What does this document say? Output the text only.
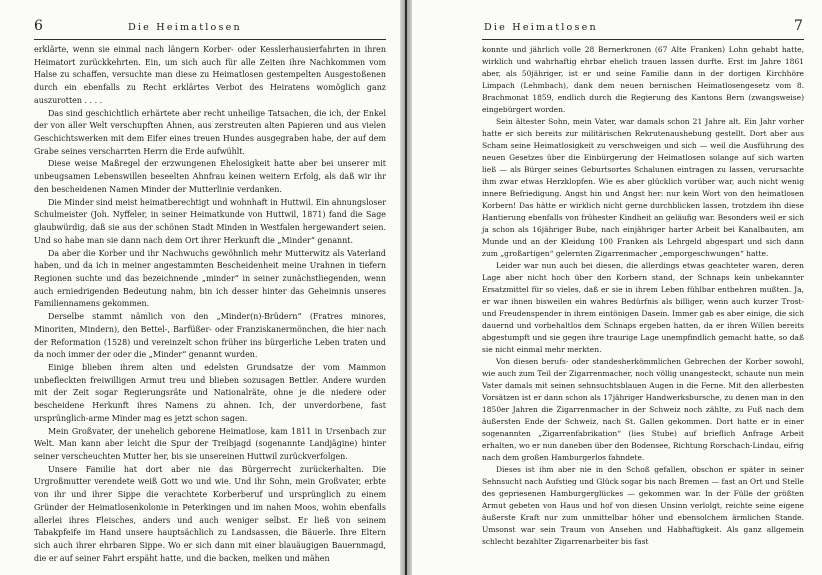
6	Die Heimatlosen

erklärte, wenn sie einmal nach längern Korber- oder Kesslerhausierfahrten in ihren Heimatort zurückkehrten. Ein, um sich auch für alle Zeiten ihre Nachkommen vom Halse zu schaffen, versuchte man diese zu Heimatlosen gestempelten Ausgestoßenen durch ein ebenfalls zu Recht erklärtes Verbot des Heiratens womöglich ganz auszurotten . . . .

Das sind geschichtlich erhärtete aber recht unheilige Tatsachen, die ich, der Enkel der von aller Welt verschupften Ahnen, aus zerstreuten alten Papieren und aus vielen Geschichtswerken mit dem Eifer eines treuen Hundes ausgegraben habe, der auf dem Grabe seines verscharrten Herrn die Erde aufwühlt.

Diese weise Maßregel der erzwungenen Ehelosigkeit hatte aber bei unserer mit unbeugsamen Lebenswillen beseelten Ahnfrau keinen weitern Erfolg, als daß wir ihr den bescheidenen Namen Minder der Mutterlinie verdanken.

Die Minder sind meist heimatberechtigt und wohnhaft in Huttwil. Ein ahnungsloser Schulmeister (Joh. Nyffeler, in seiner Heimatkunde von Huttwil, 1871) fand die Sage glaubwürdig, daß sie aus der schönen Stadt Minden in Westfalen hergewandert seien. Und so habe man sie dann nach dem Ort ihrer Herkunft die „Minder“ genannt.

Da aber die Korber und ihr Nachwuchs gewöhnlich mehr Mutterwitz als Vaterland haben, und da ich in meiner angestammten Bescheidenheit meine Urahnen in tiefern Regionen suchte und das bezeichnende „minder“ in seiner zunächstliegenden, wenn auch erniedrigenden Bedeutung nahm, bin ich desser hinter das Geheimnis unseres Familiennamens gekommen.

Derselbe stammt nämlich von den „Minder(n)-Brüdern“ (Fratres minores, Minoriten, Mindern), den Bettel-, Barfüßer- oder Franziskanermönchen, die hier nach der Reformation (1528) und vereinzelt schon früher ins bürgerliche Leben traten und da noch immer der oder die „Minder“ genannt wurden.

Einige blieben ihrem alten und edelsten Grundsatze der vom Mammon unbefleckten freiwilligen Armut treu und blieben sozusagen Bettler. Andere wurden mit der Zeit sogar Regierungsräte und Nationalräte, ohne je die niedere oder bescheidene Herkunft ihres Namens zu ahnen. Ich, der unverdorbene, fast ursprünglich-arme Minder mag es jetzt schon sagen.

Mein Großvater, der unehelich geborene Heimatlose, kam 1811 in Ursenbach zur Welt. Man kann aber leicht die Spur der Treibjagd (sogenannte Landjägine) hinter seiner verscheuchten Mutter her, bis sie unsereinen Huttwil zurückverfolgen.

Unsere Familie hat dort aber nie das Bürgerrecht zurückerhalten. Die Urgroßmutter verendete weiß Gott wo und wie. Und ihr Sohn, mein Großvater, erbte von ihr und ihrer Sippe die verachtete Korberberuf und ursprünglich zu einem Gründer der Heimatlosenkolonie in Peterkingen und im nahen Moos, wohin ebenfalls allerlei ihres Fleisches, anders und auch weniger selbst. Er ließ von seinem Tabakpfeife im Hand unsere hauptsächlich zu Landsassen, die Bäuerle. Ihre Eltern sich auch ihrer ehrbaren Sippe. Wo er sich dann mit einer blauäugigen Bauernmagd, die er auf seiner Fahrt erspäht hatte, und die backen, melken und mähen

Die Heimatlosen	7

konnte und jährlich volle 28 Bernerkronen (67 Alte Franken) Lohn gehabt hatte, wirklich und wahrhaftig ehrbar ehelich trauen lassen durfte. Erst im Jahre 1861 aber, als 50jähriger, ist er und seine Familie dann in der dortigen Kirchhöre Limpach (Lehmbach), dank dem neuen bernischen Heimatlosengesetz vom 8. Brachmonat 1859, endlich durch die Regierung des Kantons Bern (zwangsweise) eingebürgert worden.

Sein ältester Sohn, mein Vater, war damals schon 21 Jahre alt. Ein Jahr vorher hatte er sich bereits zur militärischen Rekrutenaushebung gestellt. Dort aber aus Scham seine Heimatlosigkeit zu verschweigen und sich — weil die Ausführung des neuen Gesetzes über die Einbürgerung der Heimatlosen solange auf sich warten ließ — als Bürger seines Geburtsortes Schalunen eintragen zu lassen, verursachte ihm zwar etwas Herzklopfen. Wie es aber glücklich vorüber war, auch nicht wenig innere Befriedigung. Angst hin und Angst her: nur kein Wort von den heimatlosen Korbern! Das hätte er wirklich nicht gerne durchblicken lassen, trotzdem ihn diese Hantierung ebenfalls von frühester Kindheit an geläufig war. Besonders weil er sich ja schon als 16jähriger Bube, nach einjähriger harter Arbeit bei Kanalbauten, am Munde und an der Kleidung 100 Franken als Lehrgeld abgespart und sich dann zum „großartigen“ gelernten Zigarrenmacher „emporgeschwungen“ hatte.

Leider war nun auch bei diesen, die allerdings etwas geachteter waren, deren Lage aber nicht hoch über den Korbern stand, der Schnaps kein unbekannter Ersatzmittel für so vieles, daß er sie in ihrem Leben fühlbar entbehren mußten. Ja, er war ihnen bisweilen ein wahres Bedürfnis als billiger, wenn auch kurzer Trost- und Freudenspender in ihrem eintönigen Dasein. Immer gab es aber einige, die sich dauernd und vorbehaltlos dem Schnaps ergeben hatten, da er ihren Willen bereits abgestumpft und sie gegen ihre traurige Lage unempfindlich gemacht hatte, so daß sie nicht einmal mehr merkten.

Von diesen berufs- oder standesherkömmlichen Gebrechen der Korber sowohl, wie auch zum Teil der Zigarrenmacher, noch völlig unangesteckt, schaute nun mein Vater damals mit seinen sehnsuchtsblauen Augen in die Ferne. Mit den allerbesten Vorsätzen ist er dann schon als 17jähriger Handwerksbursche, zu denen man in den 1850er Jahren die Zigarrenmacher in der Schweiz noch zählte, zu Fuß nach dem äußersten Ende der Schweiz, nach St. Gallen gekommen. Dort hatte er in einer sogenannten „Zigarrenfabrikation“ (lies Stube) auf brieflich Anfrage Arbeit erhalten, wo er nun daneben über den Bodensee, Richtung Rorschach-Lindau, eifrig nach dem großen Hamburgerlos fahndete.

Dieses ist ihm aber nie in den Schoß gefallen, obschon er später in seiner Sehnsucht nach Aufstieg und Glück sogar bis nach Bremen — fast an Ort und Stelle des gepriesenen Hamburgerglückes — gekommen war. In der Fülle der größten Armut gebeten von Haus und hof von diesen Unsinn verlolgt, reichte seine eigene äußerste Kraft nur zum unmittelbar höher und ebensolchem ärmlichen Stande. Umsonst war sein Traum von Ansehen und Habhaftigkeit. Als ganz allgemein schlecht bezahlter Zigarrenarbeiter bis fast
